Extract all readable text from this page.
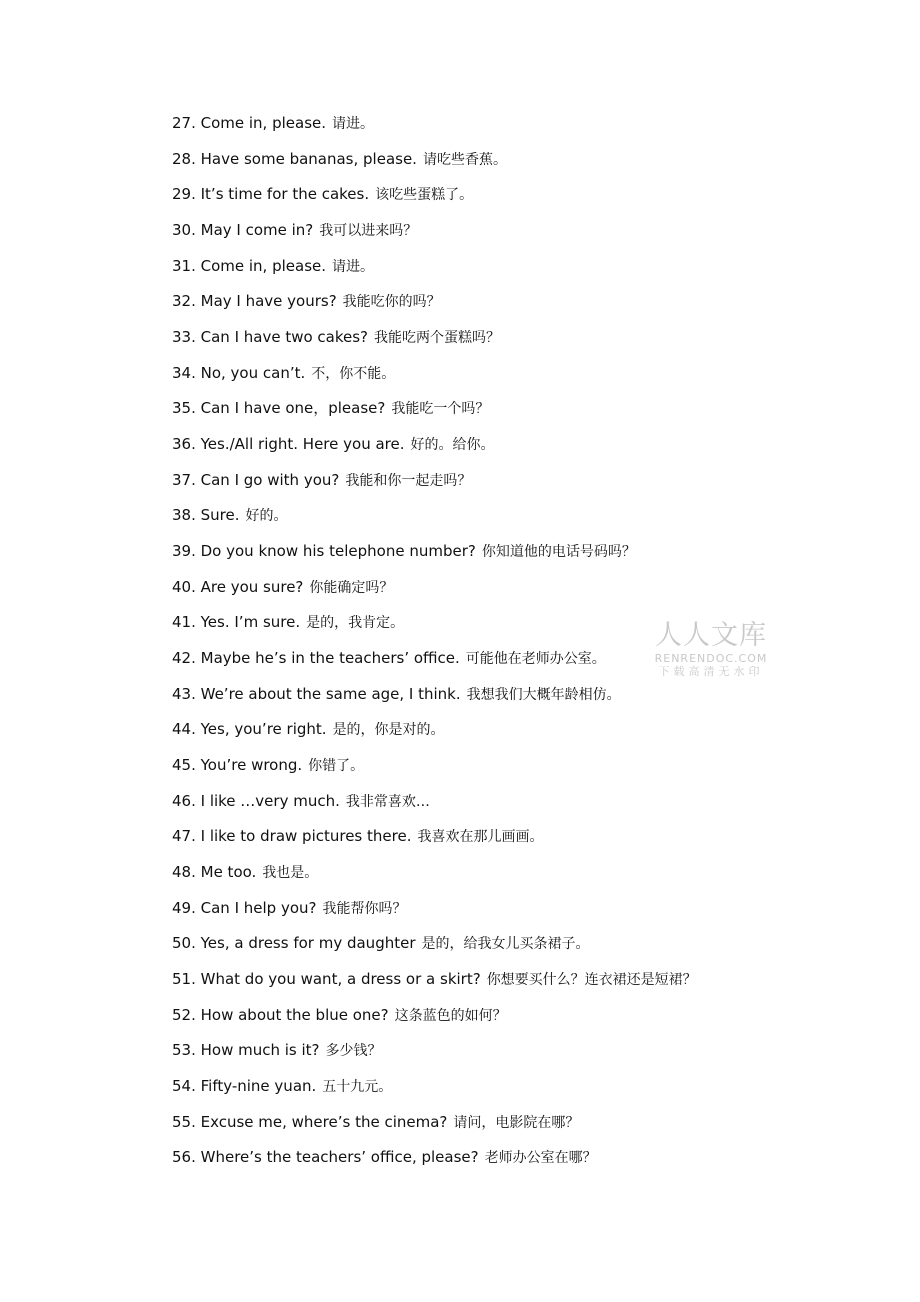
27. Come in, please. 请进。
28. Have some bananas, please. 请吃些香蕉。
29. It’s time for the cakes. 该吃些蛋糕了。
30. May I come in? 我可以进来吗？
31. Come in, please. 请进。
32. May I have yours? 我能吃你的吗？
33. Can I have two cakes? 我能吃两个蛋糕吗？
34. No, you can’t. 不，你不能。
35. Can I have one，please? 我能吃一个吗？
36. Yes./All right. Here you are. 好的。给你。
37. Can I go with you? 我能和你一起走吗？
38. Sure. 好的。
39. Do you know his telephone number? 你知道他的电话号码吗？
40. Are you sure? 你能确定吗？
41. Yes. I’m sure. 是的，我肯定。
42. Maybe he’s in the teachers’ office. 可能他在老师办公室。
43. We’re about the same age, I think. 我想我们大概年龄相仿。
44. Yes, you’re right. 是的，你是对的。
45. You’re wrong. 你错了。
46. I like …very much. 我非常喜欢…
47. I like to draw pictures there. 我喜欢在那儿画画。
48. Me too. 我也是。
49. Can I help you? 我能帮你吗？
50. Yes, a dress for my daughter 是的，给我女儿买条裙子。
51. What do you want, a dress or a skirt? 你想要买什么？连衣裙还是短裙？
52. How about the blue one? 这条蓝色的如何？
53. How much is it? 多少钱？
54. Fifty-nine yuan. 五十九元。
55. Excuse me, where’s the cinema? 请问，电影院在哪？
56. Where’s the teachers’ office, please? 老师办公室在哪？
人人文库
RENRENDOC.COM
下载高清无水印
